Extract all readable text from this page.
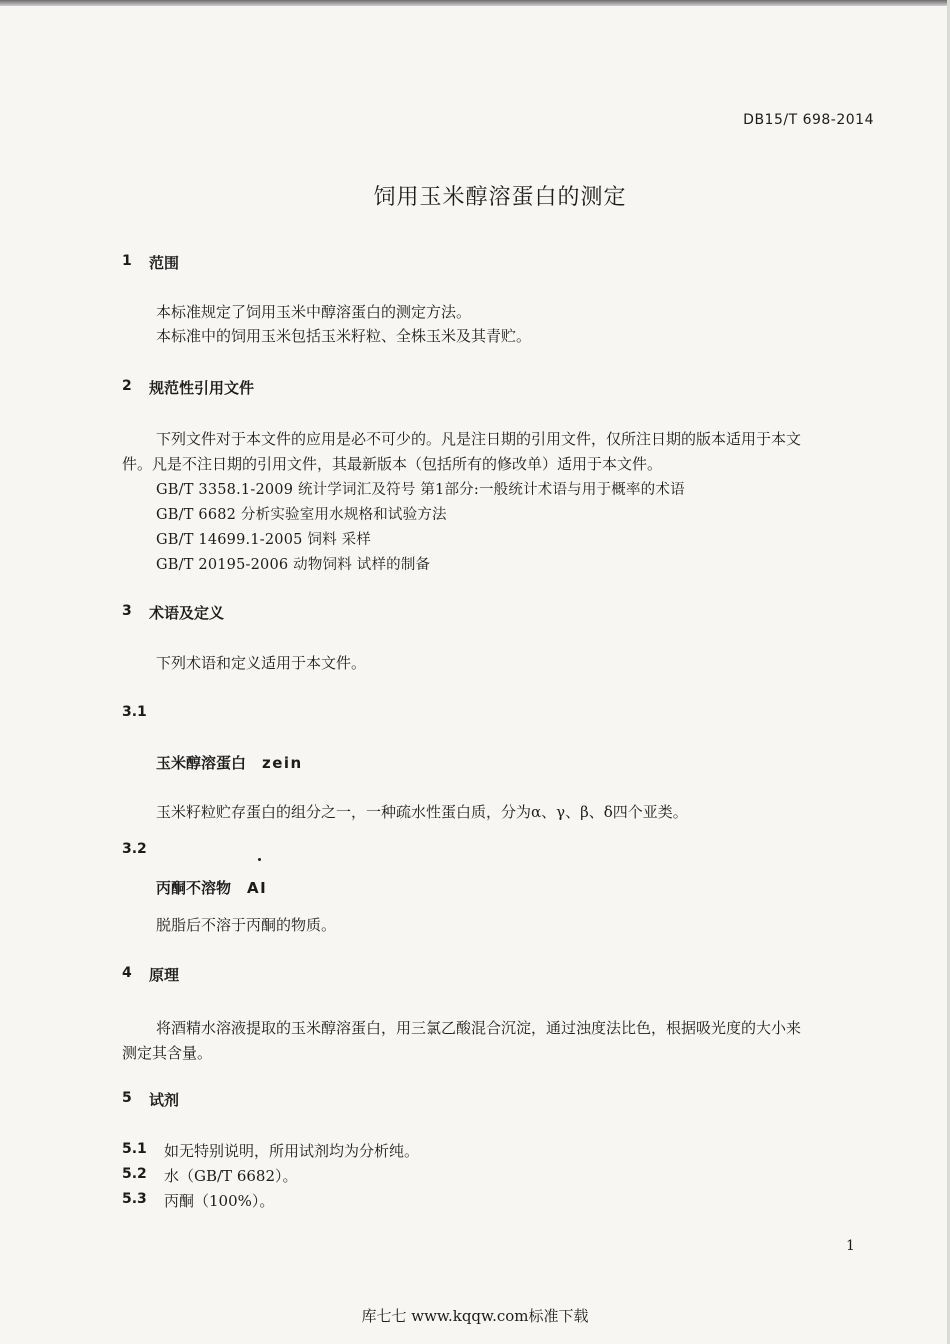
DB15/T 698-2014
饲用玉米醇溶蛋白的测定
1 范围
本标准规定了饲用玉米中醇溶蛋白的测定方法。
本标准中的饲用玉米包括玉米籽粒、全株玉米及其青贮。
2 规范性引用文件
下列文件对于本文件的应用是必不可少的。凡是注日期的引用文件，仅所注日期的版本适用于本文
件。凡是不注日期的引用文件，其最新版本（包括所有的修改单）适用于本文件。
GB/T 3358.1-2009 统计学词汇及符号 第1部分:一般统计术语与用于概率的术语
GB/T 6682 分析实验室用水规格和试验方法
GB/T 14699.1-2005 饲料 采样
GB/T 20195-2006 动物饲料 试样的制备
3 术语及定义
下列术语和定义适用于本文件。
3.1
玉米醇溶蛋白 zein
玉米籽粒贮存蛋白的组分之一，一种疏水性蛋白质，分为α、γ、β、δ四个亚类。
3.2
丙酮不溶物 AI
脱脂后不溶于丙酮的物质。
4 原理
将酒精水溶液提取的玉米醇溶蛋白，用三氯乙酸混合沉淀，通过浊度法比色，根据吸光度的大小来
测定其含量。
5 试剂
5.1 如无特别说明，所用试剂均为分析纯。
5.2 水（GB/T 6682）。
5.3 丙酮（100%）。
1
库七七 www.kqqw.com标准下载
